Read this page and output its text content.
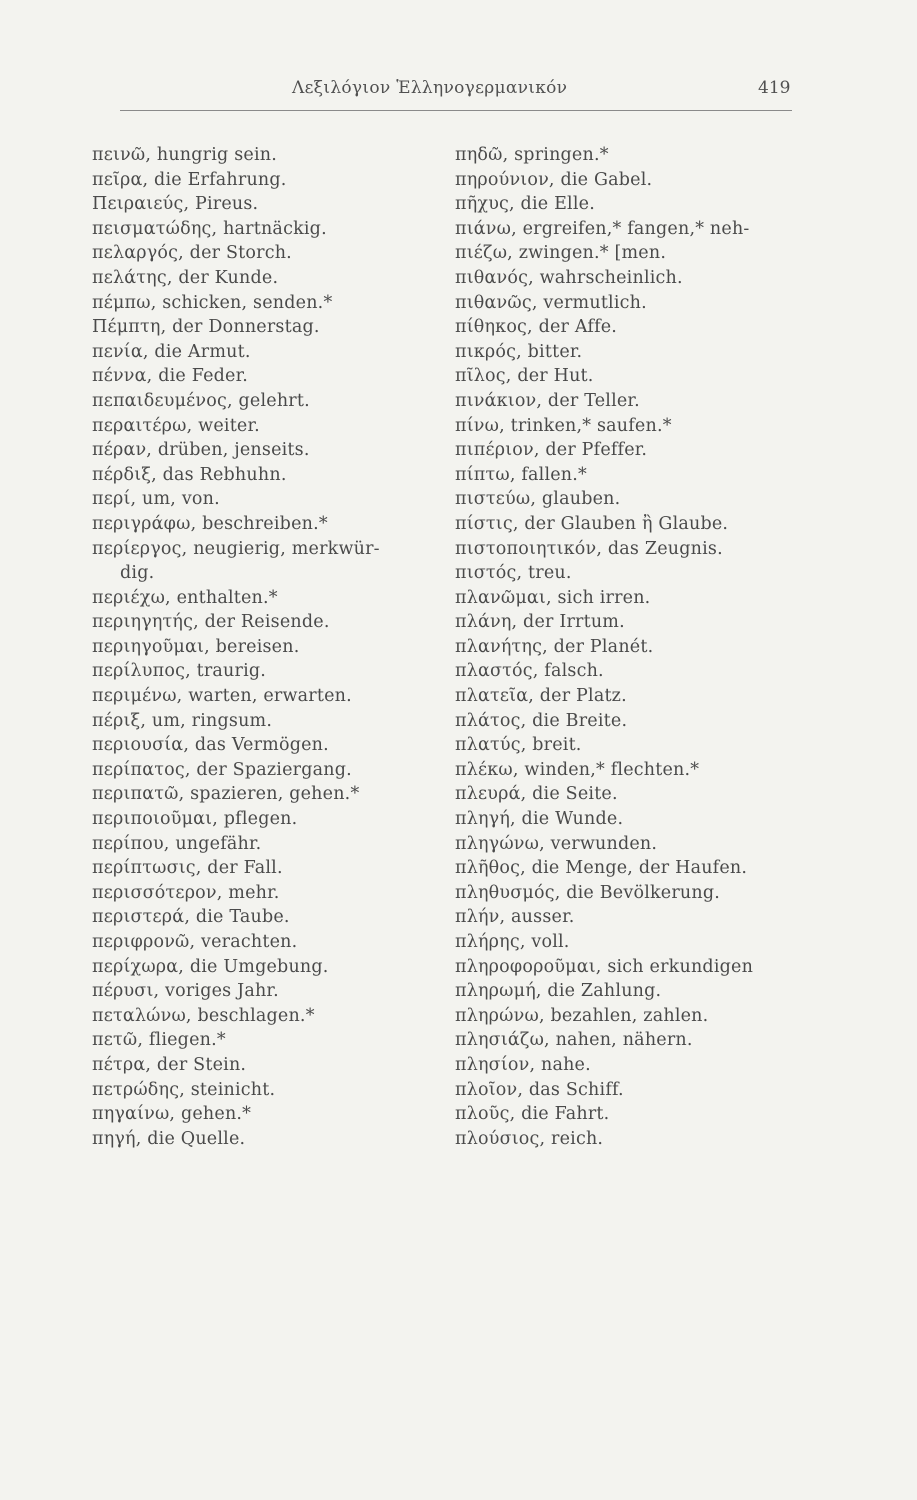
Λεξιλόγιον Ἑλληνογερμανικόν	419
πεινῶ, hungrig sein.
πεῖρα, die Erfahrung.
Πειραιεύς, Pireus.
πεισματώδης, hartnäckig.
πελαργός, der Storch.
πελάτης, der Kunde.
πέμπω, schicken, senden.*
Πέμπτη, der Donnerstag.
πενία, die Armut.
πέννα, die Feder.
πεπαιδευμένος, gelehrt.
περαιτέρω, weiter.
πέραν, drüben, jenseits.
πέρδιξ, das Rebhuhn.
περί, um, von.
περιγράφω, beschreiben.*
περίεργος, neugierig, merkwür-
dig.
περιέχω, enthalten.*
περιηγητής, der Reisende.
περιηγοῦμαι, bereisen.
περίλυπος, traurig.
περιμένω, warten, erwarten.
πέριξ, um, ringsum.
περιουσία, das Vermögen.
περίπατος, der Spaziergang.
περιπατῶ, spazieren, gehen.*
περιποιοῦμαι, pflegen.
περίπου, ungefähr.
περίπτωσις, der Fall.
περισσότερον, mehr.
περιστερά, die Taube.
περιφρονῶ, verachten.
περίχωρα, die Umgebung.
πέρυσι, voriges Jahr.
πεταλώνω, beschlagen.*
πετῶ, fliegen.*
πέτρα, der Stein.
πετρώδης, steinicht.
πηγαίνω, gehen.*
πηγή, die Quelle.
πηδῶ, springen.*
πηρούνιον, die Gabel.
πῆχυς, die Elle.
πιάνω, ergreifen,* fangen,* neh-
πιέζω, zwingen.* [men.
πιθανός, wahrscheinlich.
πιθανῶς, vermutlich.
πίθηκος, der Affe.
πικρός, bitter.
πῖλος, der Hut.
πινάκιον, der Teller.
πίνω, trinken,* saufen.*
πιπέριον, der Pfeffer.
πίπτω, fallen.*
πιστεύω, glauben.
πίστις, der Glauben ἢ Glaube.
πιστοποιητικόν, das Zeugnis.
πιστός, treu.
πλανῶμαι, sich irren.
πλάνη, der Irrtum.
πλανήτης, der Planét.
πλαστός, falsch.
πλατεῖα, der Platz.
πλάτος, die Breite.
πλατύς, breit.
πλέκω, winden,* flechten.*
πλευρά, die Seite.
πληγή, die Wunde.
πληγώνω, verwunden.
πλῆθος, die Menge, der Haufen.
πληθυσμός, die Bevölkerung.
πλήν, ausser.
πλήρης, voll.
πληροφοροῦμαι, sich erkundigen
πληρωμή, die Zahlung.
πληρώνω, bezahlen, zahlen.
πλησιάζω, nahen, nähern.
πλησίον, nahe.
πλοῖον, das Schiff.
πλοῦς, die Fahrt.
πλούσιος, reich.
